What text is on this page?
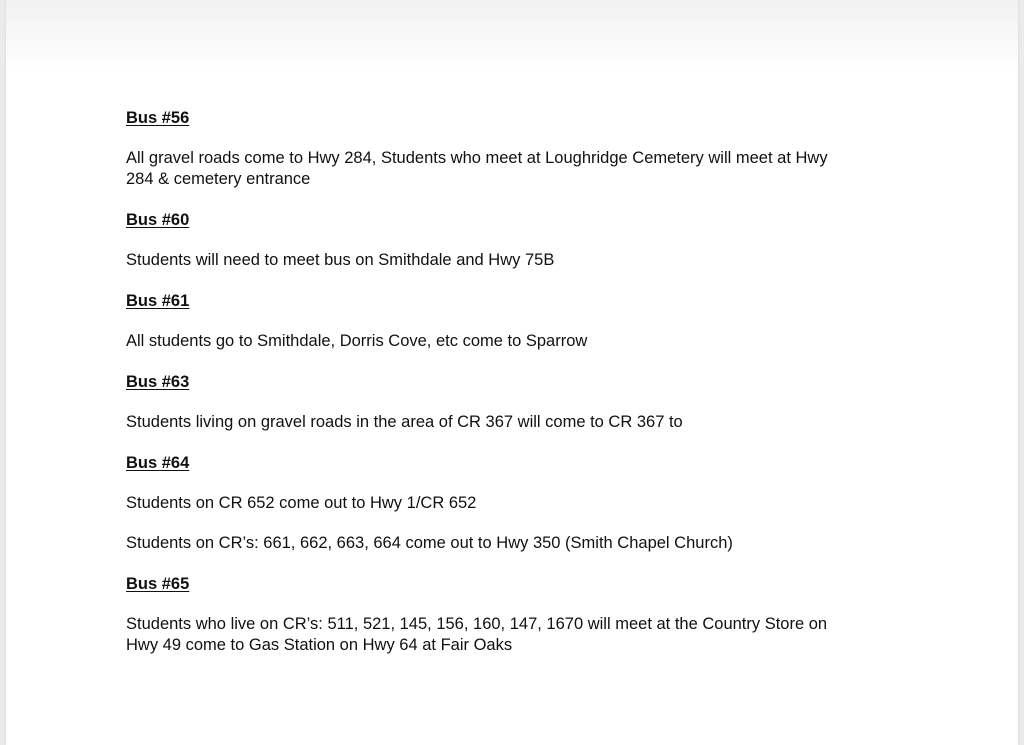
Bus #56

All gravel roads come to Hwy 284, Students who meet at Loughridge Cemetery will meet at Hwy
284 & cemetery entrance

Bus #60

Students will need to meet bus on Smithdale and Hwy 75B

Bus #61

All students go to Smithdale, Dorris Cove, etc come to Sparrow

Bus #63

Students living on gravel roads in the area of CR 367 will come to CR 367 to

Bus #64

Students on CR 652 come out to Hwy 1/CR 652

Students on CR’s: 661, 662, 663, 664 come out to Hwy 350 (Smith Chapel Church)

Bus #65

Students who live on CR’s: 511, 521, 145, 156, 160, 147, 1670 will meet at the Country Store on
Hwy 49 come to Gas Station on Hwy 64 at Fair Oaks
